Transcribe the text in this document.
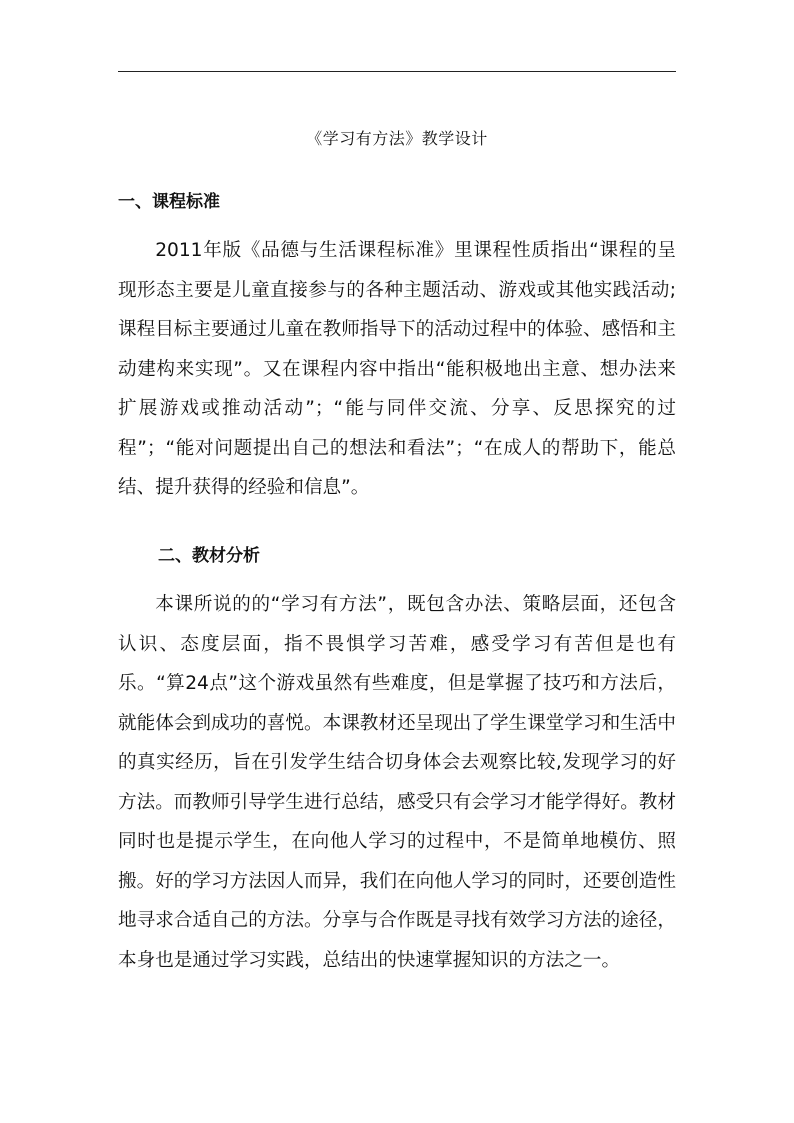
《学习有方法》教学设计
一、课程标准
2011年版《品德与生活课程标准》里课程性质指出“课程的呈现形态主要是儿童直接参与的各种主题活动、游戏或其他实践活动;课程目标主要通过儿童在教师指导下的活动过程中的体验、感悟和主动建构来实现”。又在课程内容中指出“能积极地出主意、想办法来扩展游戏或推动活动”；“能与同伴交流、分享、反思探究的过程”；“能对问题提出自己的想法和看法”；“在成人的帮助下，能总结、提升获得的经验和信息”。
二、教材分析
本课所说的的“学习有方法”，既包含办法、策略层面，还包含认识、态度层面，指不畏惧学习苦难，感受学习有苦但是也有乐。“算24点”这个游戏虽然有些难度，但是掌握了技巧和方法后，就能体会到成功的喜悦。本课教材还呈现出了学生课堂学习和生活中的真实经历，旨在引发学生结合切身体会去观察比较,发现学习的好方法。而教师引导学生进行总结，感受只有会学习才能学得好。教材同时也是提示学生，在向他人学习的过程中，不是简单地模仿、照搬。好的学习方法因人而异，我们在向他人学习的同时，还要创造性地寻求合适自己的方法。分享与合作既是寻找有效学习方法的途径，本身也是通过学习实践，总结出的快速掌握知识的方法之一。
